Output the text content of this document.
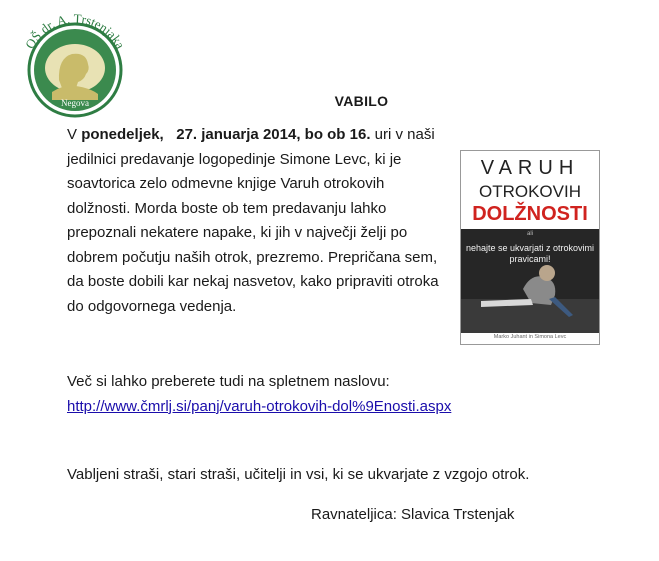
OŠ dr. A. Trstenjaka
Negova	VABILO
V ponedeljek, 27. januarja 2014, bo ob 16. uri v naši jedilnici predavanje logopedinje Simone Levc, ki je soavtorica zelo odmevne knjige Varuh otrokovih dolžnosti. Morda boste ob tem predavanju lahko prepoznali nekatere napake, ki jih v največji želji po dobrem počutju naših otrok, prezremo. Prepričana sem, da boste dobili kar nekaj nasvetov, kako pripraviti otroka do odgovornega vedenja.
VARUH
OTROKOVIH
DOLŽNOSTI
ali
nehajte se ukvarjati z otrokovimi pravicami!
Marko Juhant in Simona Levc
Več si lahko preberete tudi na spletnem naslovu:
http://www.čmrlj.si/panj/varuh-otrokovih-dol%9Enosti.aspx
Vabljeni straši, stari straši, učitelji in vsi, ki se ukvarjate z vzgojo otrok.
Ravnateljica: Slavica Trstenjak
